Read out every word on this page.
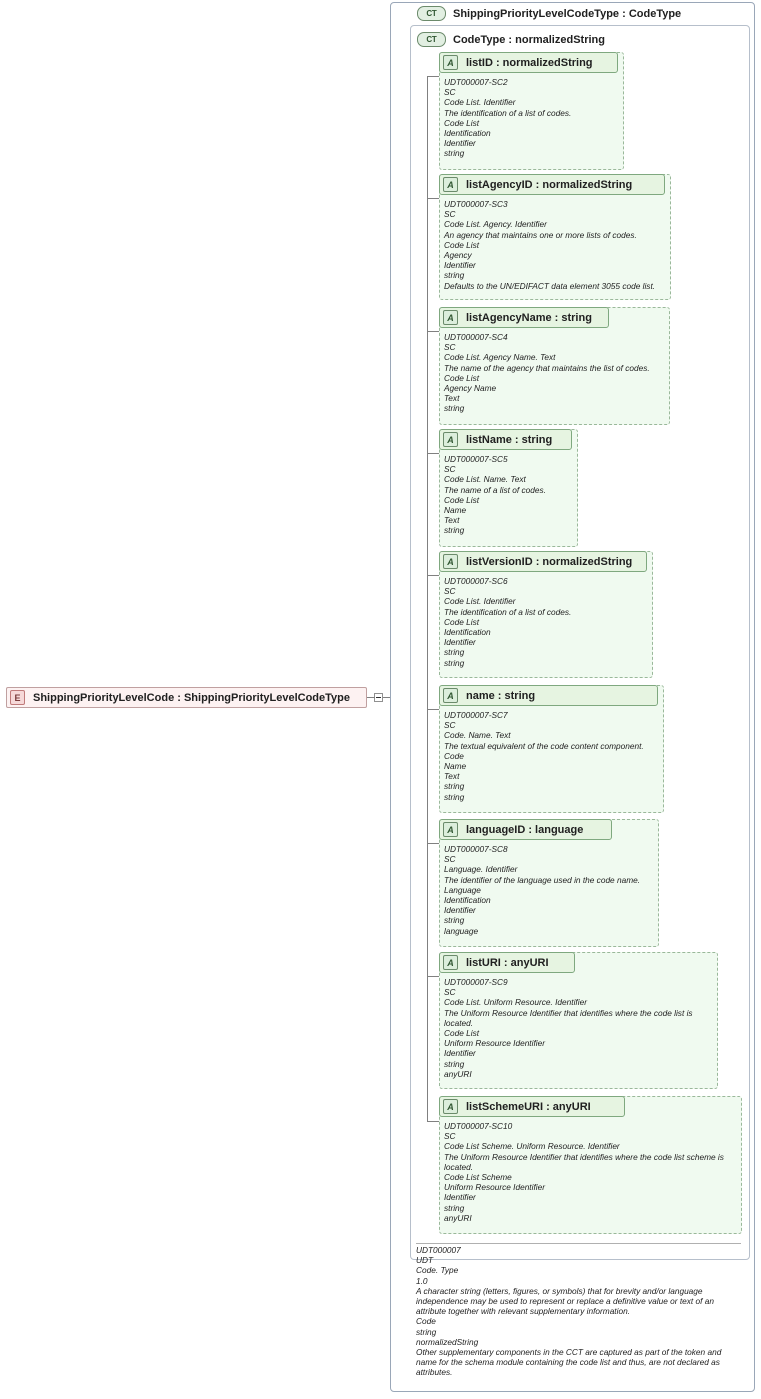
E	ShippingPriorityLevelCode : ShippingPriorityLevelCodeType
CT	ShippingPriorityLevelCodeType : CodeType
CT	CodeType : normalizedString
A	listID : normalizedString
UDT000007-SC2
SC
Code List. Identifier
The identification of a list of codes.
Code List
Identification
Identifier
string
A	listAgencyID : normalizedString
UDT000007-SC3
SC
Code List. Agency. Identifier
An agency that maintains one or more lists of codes.
Code List
Agency
Identifier
string
Defaults to the UN/EDIFACT data element 3055 code list.
A	listAgencyName : string
UDT000007-SC4
SC
Code List. Agency Name. Text
The name of the agency that maintains the list of codes.
Code List
Agency Name
Text
string
A	listName : string
UDT000007-SC5
SC
Code List. Name. Text
The name of a list of codes.
Code List
Name
Text
string
A	listVersionID : normalizedString
UDT000007-SC6
SC
Code List. Identifier
The identification of a list of codes.
Code List
Identification
Identifier
string
string
A	name : string
UDT000007-SC7
SC
Code. Name. Text
The textual equivalent of the code content component.
Code
Name
Text
string
string
A	languageID : language
UDT000007-SC8
SC
Language. Identifier
The identifier of the language used in the code name.
Language
Identification
Identifier
string
language
A	listURI : anyURI
UDT000007-SC9
SC
Code List. Uniform Resource. Identifier
The Uniform Resource Identifier that identifies where the code list is located.
Code List
Uniform Resource Identifier
Identifier
string
anyURI
A	listSchemeURI : anyURI
UDT000007-SC10
SC
Code List Scheme. Uniform Resource. Identifier
The Uniform Resource Identifier that identifies where the code list scheme is located.
Code List Scheme
Uniform Resource Identifier
Identifier
string
anyURI
UDT000007
UDT
Code. Type
1.0
A character string (letters, figures, or symbols) that for brevity and/or language independence may be used to represent or replace a definitive value or text of an attribute together with relevant supplementary information.
Code
string
normalizedString
Other supplementary components in the CCT are captured as part of the token and name for the schema module containing the code list and thus, are not declared as attributes.
